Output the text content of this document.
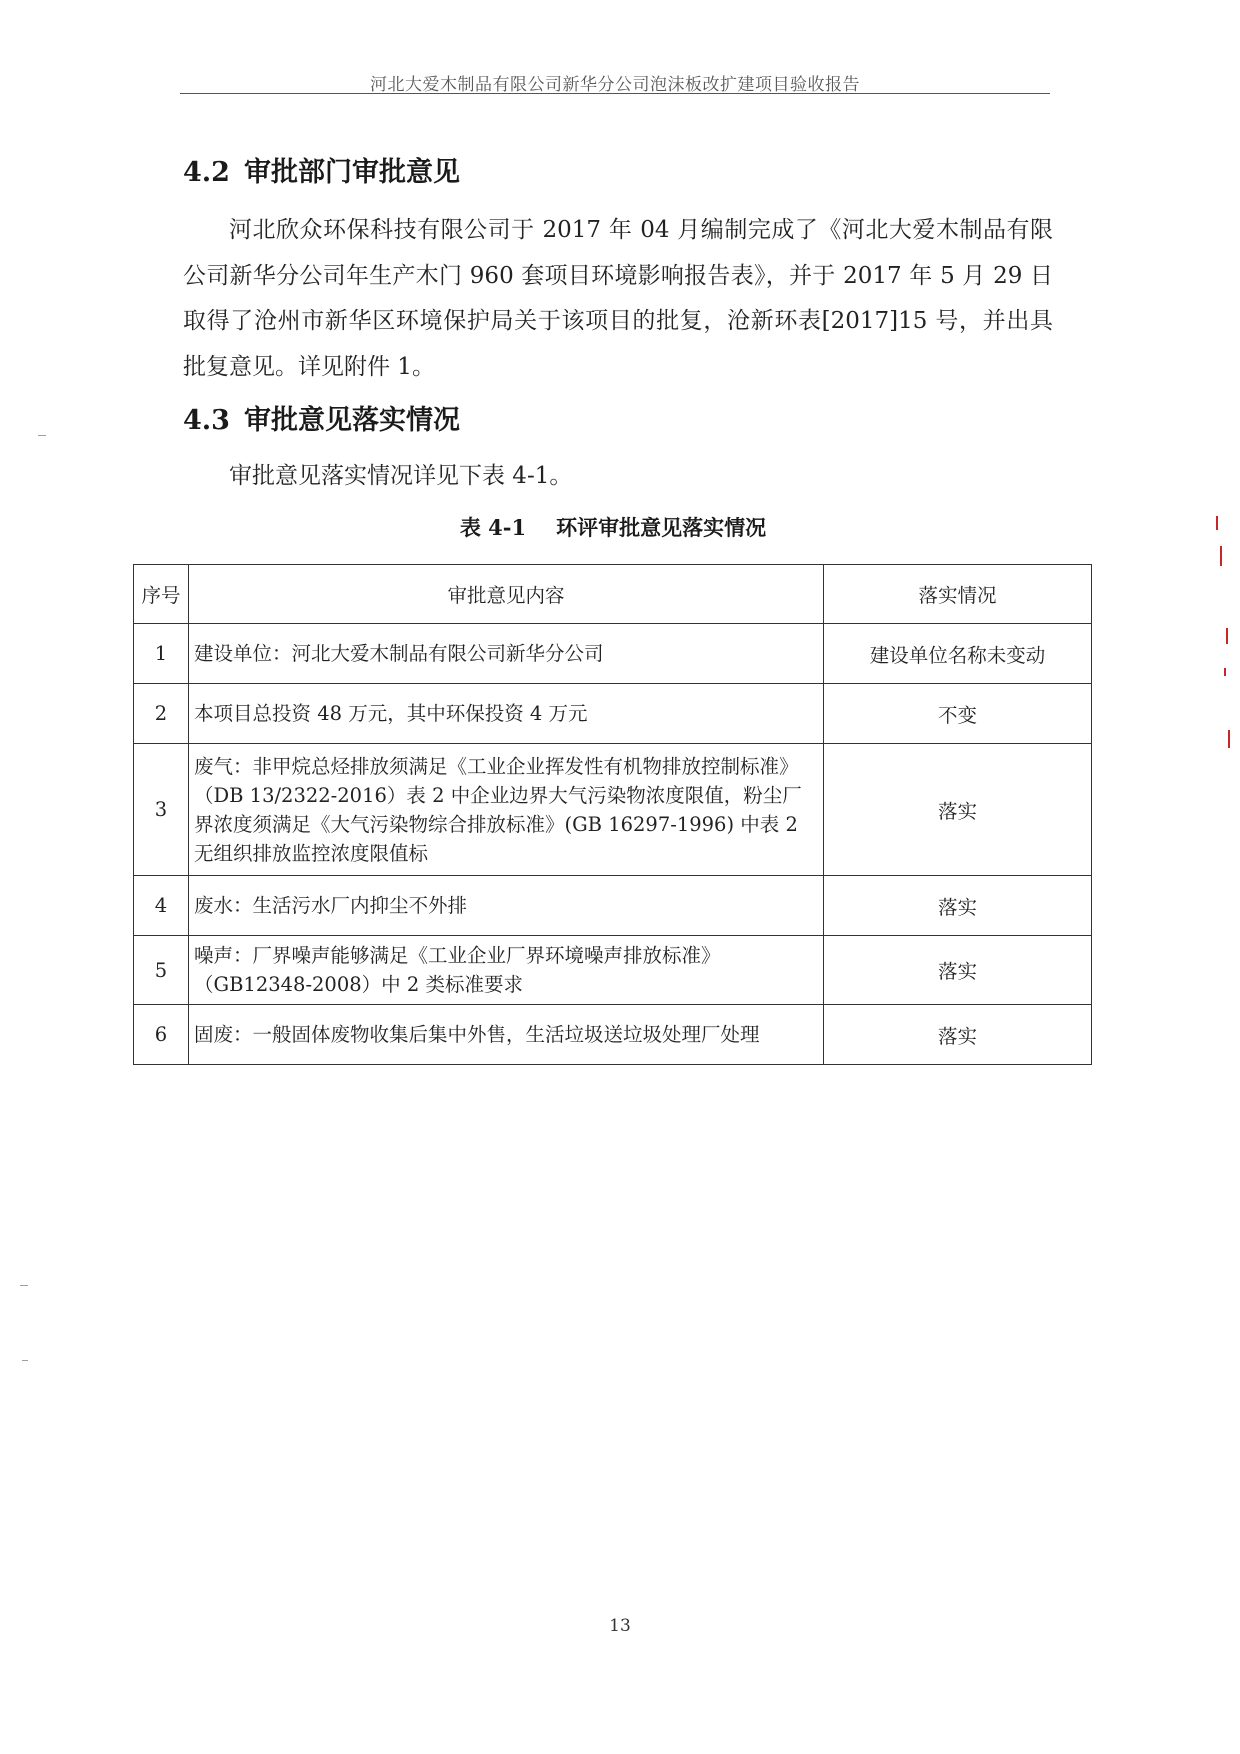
河北大爱木制品有限公司新华分公司泡沫板改扩建项目验收报告
4.2 审批部门审批意见
河北欣众环保科技有限公司于 2017 年 04 月编制完成了《河北大爱木制品有限公司新华分公司年生产木门 960 套项目环境影响报告表》，并于 2017 年 5 月 29 日取得了沧州市新华区环境保护局关于该项目的批复，沧新环表[2017]15 号，并出具批复意见。详见附件 1。
4.3 审批意见落实情况
审批意见落实情况详见下表 4-1。
表 4-1 环评审批意见落实情况
序号	审批意见内容	落实情况
1	建设单位：河北大爱木制品有限公司新华分公司	建设单位名称未变动
2	本项目总投资 48 万元，其中环保投资 4 万元	不变
3	废气：非甲烷总烃排放须满足《工业企业挥发性有机物排放控制标准》（DB 13/2322-2016）表 2 中企业边界大气污染物浓度限值，粉尘厂界浓度须满足《大气污染物综合排放标准》(GB 16297-1996) 中表 2 无组织排放监控浓度限值标	落实
4	废水：生活污水厂内抑尘不外排	落实
5	噪声：厂界噪声能够满足《工业企业厂界环境噪声排放标准》（GB12348-2008）中 2 类标准要求	落实
6	固废：一般固体废物收集后集中外售，生活垃圾送垃圾处理厂处理	落实
13
